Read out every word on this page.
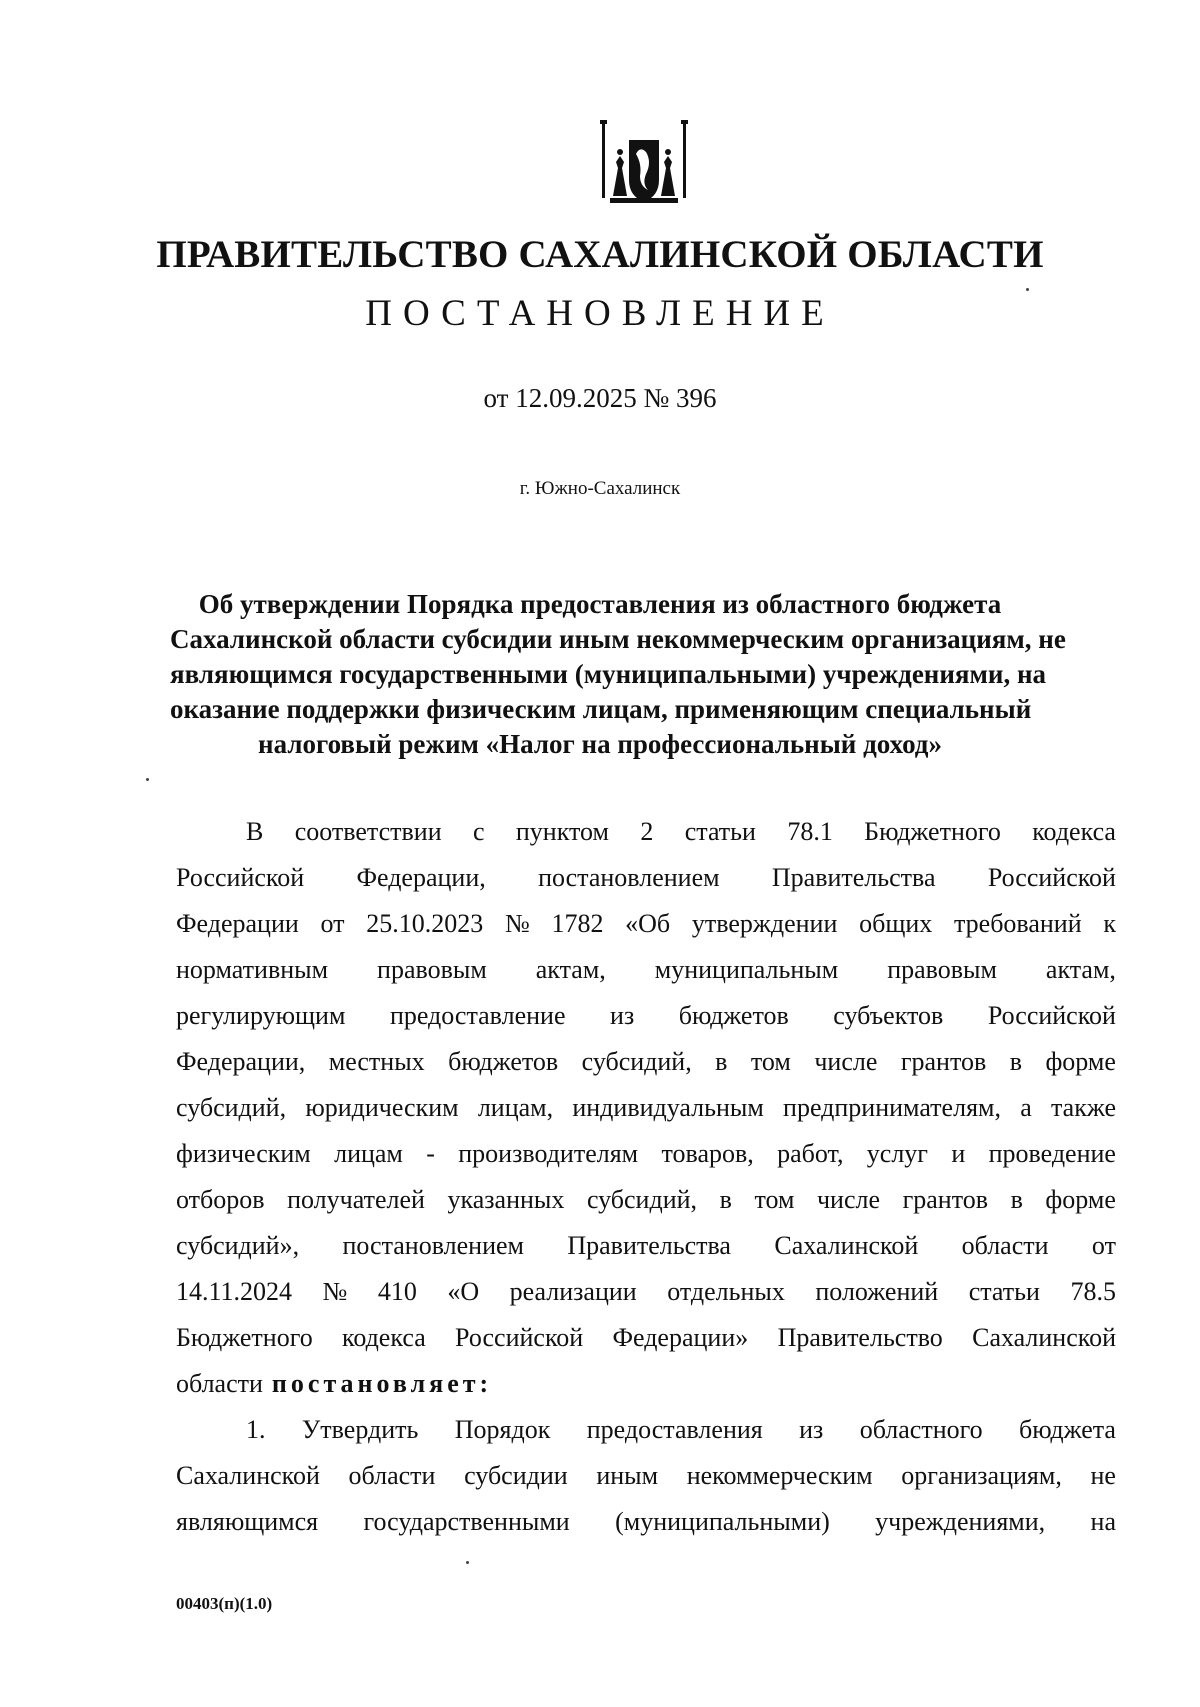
ПРАВИТЕЛЬСТВО САХАЛИНСКОЙ ОБЛАСТИ
ПОСТАНОВЛЕНИЕ
от 12.09.2025 № 396
г. Южно-Сахалинск
Об утверждении Порядка предоставления из областного бюджета
Сахалинской области субсидии иным некоммерческим организациям, не
являющимся государственными (муниципальными) учреждениями, на
оказание поддержки физическим лицам, применяющим специальный
налоговый режим «Налог на профессиональный доход»
В соответствии с пунктом 2 статьи 78.1 Бюджетного кодекса
Российской Федерации, постановлением Правительства Российской
Федерации от 25.10.2023 № 1782 «Об утверждении общих требований к
нормативным правовым актам, муниципальным правовым актам,
регулирующим предоставление из бюджетов субъектов Российской
Федерации, местных бюджетов субсидий, в том числе грантов в форме
субсидий, юридическим лицам, индивидуальным предпринимателям, а также
физическим лицам - производителям товаров, работ, услуг и проведение
отборов получателей указанных субсидий, в том числе грантов в форме
субсидий», постановлением Правительства Сахалинской области от
14.11.2024 № 410 «О реализации отдельных положений статьи 78.5
Бюджетного кодекса Российской Федерации» Правительство Сахалинской
области постановляет:
1. Утвердить Порядок предоставления из областного бюджета
Сахалинской области субсидии иным некоммерческим организациям, не
являющимся государственными (муниципальными) учреждениями, на
00403(п)(1.0)
